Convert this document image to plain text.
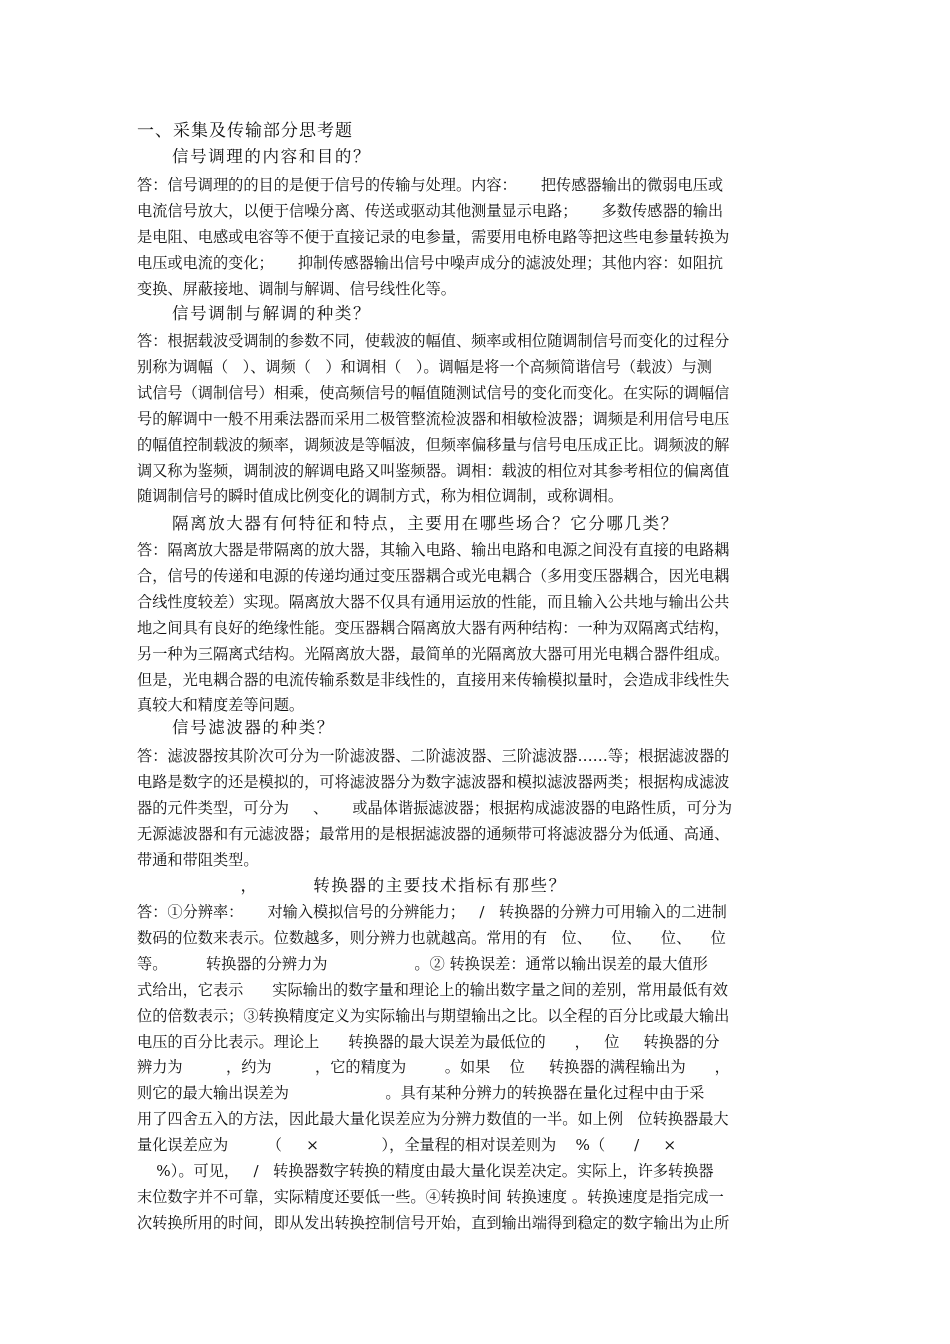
一、采集及传输部分思考题
信号调理的内容和目的？
答：信号调理的的目的是便于信号的传输与处理。内容：     把传感器输出的微弱电压或
电流信号放大，以便于信噪分离、传送或驱动其他测量显示电路；     多数传感器的输出
是电阻、电感或电容等不便于直接记录的电参量，需要用电桥电路等把这些电参量转换为
电压或电流的变化；     抑制传感器输出信号中噪声成分的滤波处理；其他内容：如阻抗
变换、屏蔽接地、调制与解调、信号线性化等。
信号调制与解调的种类？
答：根据载波受调制的参数不同，使载波的幅值、频率或相位随调制信号而变化的过程分
别称为调幅（   ）、调频（   ）和调相（   ）。调幅是将一个高频简谐信号（载波）与测
试信号（调制信号）相乘，使高频信号的幅值随测试信号的变化而变化。在实际的调幅信
号的解调中一般不用乘法器而采用二极管整流检波器和相敏检波器；调频是利用信号电压
的幅值控制载波的频率，调频波是等幅波，但频率偏移量与信号电压成正比。调频波的解
调又称为鉴频，调制波的解调电路又叫鉴频器。调相：载波的相位对其参考相位的偏离值
随调制信号的瞬时值成比例变化的调制方式，称为相位调制，或称调相。
隔离放大器有何特征和特点，主要用在哪些场合？它分哪几类？
答：隔离放大器是带隔离的放大器，其输入电路、输出电路和电源之间没有直接的电路耦
合，信号的传递和电源的传递均通过变压器耦合或光电耦合（多用变压器耦合，因光电耦
合线性度较差）实现。隔离放大器不仅具有通用运放的性能，而且输入公共地与输出公共
地之间具有良好的绝缘性能。变压器耦合隔离放大器有两种结构：一种为双隔离式结构，
另一种为三隔离式结构。光隔离放大器，最简单的光隔离放大器可用光电耦合器件组成。
但是，光电耦合器的电流传输系数是非线性的，直接用来传输模拟量时，会造成非线性失
真较大和精度差等问题。
信号滤波器的种类？
答：滤波器按其阶次可分为一阶滤波器、二阶滤波器、三阶滤波器……等；根据滤波器的
电路是数字的还是模拟的，可将滤波器分为数字滤波器和模拟滤波器两类；根据构成滤波
器的元件类型，可分为     、     或晶体谐振滤波器；根据构成滤波器的电路性质，可分为
无源滤波器和有元滤波器；最常用的是根据滤波器的通频带可将滤波器分为低通、高通、
带通和带阻类型。
，        转换器的主要技术指标有那些？
答：①分辨率：     对输入模拟信号的分辨能力；   /   转换器的分辨力可用输入的二进制
数码的位数来表示。位数越多，则分辨力也就越高。常用的有   位、    位、    位、    位
等。        转换器的分辨力为                  。② 转换误差：通常以输出误差的最大值形
式给出，它表示      实际输出的数字量和理论上的输出数字量之间的差别，常用最低有效
位的倍数表示；③转换精度定义为实际输出与期望输出之比。以全程的百分比或最大输出
电压的百分比表示。理论上      转换器的最大误差为最低位的      ，   位     转换器的分
辨力为         ，约为         ，它的精度为        。如果    位     转换器的满程输出为      ，
则它的最大输出误差为                    。具有某种分辨力的转换器在量化过程中由于采
用了四舍五入的方法，因此最大量化误差应为分辨力数值的一半。如上例   位转换器最大
量化误差应为        （     ×             ），全量程的相对误差则为    %（      /     ×
%）。可见，   /   转换器数字转换的精度由最大量化误差决定。实际上，许多转换器
末位数字并不可靠，实际精度还要低一些。④转换时间 转换速度 。转换速度是指完成一
次转换所用的时间，即从发出转换控制信号开始，直到输出端得到稳定的数字输出为止所
